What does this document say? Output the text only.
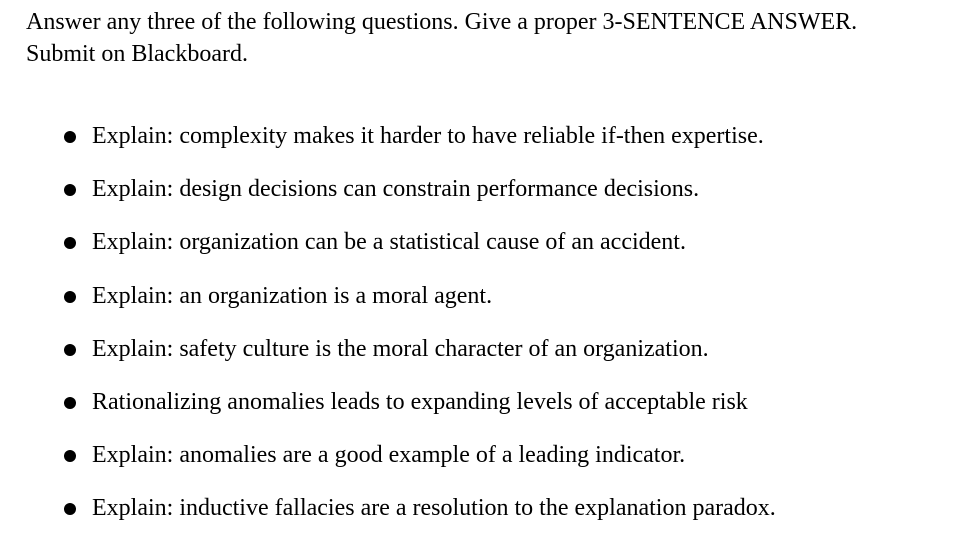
Answer any three of the following questions. Give a proper 3-SENTENCE ANSWER.
Submit on Blackboard.

Explain: complexity makes it harder to have reliable if-then expertise.
Explain: design decisions can constrain performance decisions.
Explain: organization can be a statistical cause of an accident.
Explain: an organization is a moral agent.
Explain: safety culture is the moral character of an organization.
Rationalizing anomalies leads to expanding levels of acceptable risk
Explain: anomalies are a good example of a leading indicator.
Explain: inductive fallacies are a resolution to the explanation paradox.
